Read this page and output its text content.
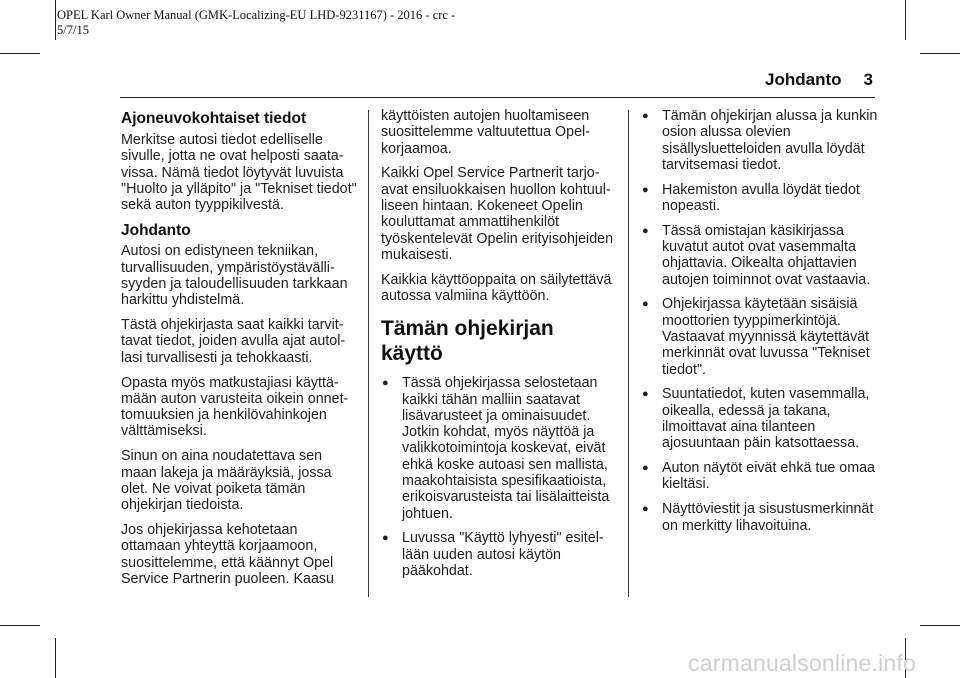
OPEL Karl Owner Manual (GMK-Localizing-EU LHD-9231167) - 2016 - crc -
5/7/15
Johdanto 3
Ajoneuvokohtaiset tiedot

Merkitse autosi tiedot edelliselle sivulle, jotta ne ovat helposti saatavissa. Nämä tiedot löytyvät luvuista "Huolto ja ylläpito" ja "Tekniset tiedot" sekä auton tyyppikilvestä.

Johdanto

Autosi on edistyneen tekniikan, turvallisuuden, ympäristöystävällisyyden ja taloudellisuuden tarkkaan harkittu yhdistelmä.

Tästä ohjekirjasta saat kaikki tarvittavat tiedot, joiden avulla ajat autollasi turvallisesti ja tehokkaasti.

Opasta myös matkustajiasi käyttämään auton varusteita oikein onnettomuuksien ja henkilövahinkojen välttämiseksi.

Sinun on aina noudatettava sen maan lakeja ja määräyksiä, jossa olet. Ne voivat poiketa tämän ohjekirjan tiedoista.

Jos ohjekirjassa kehotetaan ottamaan yhteyttä korjaamoon, suosittelemme, että käännyt Opel Service Partnerin puoleen. Kaasu

käyttöisten autojen huoltamiseen suosittelemme valtuutettua Opel-korjaamoa.

Kaikki Opel Service Partnerit tarjoavat ensiluokkaisen huollon kohtuulliseen hintaan. Kokeneet Opelin kouluttamat ammattihenkilöt työskentelevät Opelin erityisohjeiden mukaisesti.

Kaikkia käyttöoppaita on säilytettävä autossa valmiina käyttöön.

Tämän ohjekirjan käyttö
● Tässä ohjekirjassa selostetaan kaikki tähän malliin saatavat lisävarusteet ja ominaisuudet. Jotkin kohdat, myös näyttöä ja valikkotoimintoja koskevat, eivät ehkä koske autoasi sen mallista, maakohtaisista spesifikaatioista, erikoisvarusteista tai lisälaitteista johtuen.
● Luvussa "Käyttö lyhyesti" esitellään uuden autosi käytön pääkohdat.
● Tämän ohjekirjan alussa ja kunkin osion alussa olevien sisällysluetteloiden avulla löydät tarvitsemasi tiedot.
● Hakemiston avulla löydät tiedot nopeasti.
● Tässä omistajan käsikirjassa kuvatut autot ovat vasemmalta ohjattavia. Oikealta ohjattavien autojen toiminnot ovat vastaavia.
● Ohjekirjassa käytetään sisäisiä moottorien tyyppimerkintöjä. Vastaavat myynnissä käytettävät merkinnät ovat luvussa "Tekniset tiedot".
● Suuntatiedot, kuten vasemmalla, oikealla, edessä ja takana, ilmoittavat aina tilanteen ajosuuntaan päin katsottaessa.
● Auton näytöt eivät ehkä tue omaa kieltäsi.
● Näyttöviestit ja sisustusmerkinnät on merkitty lihavoituina.
carmanualsonline.info
